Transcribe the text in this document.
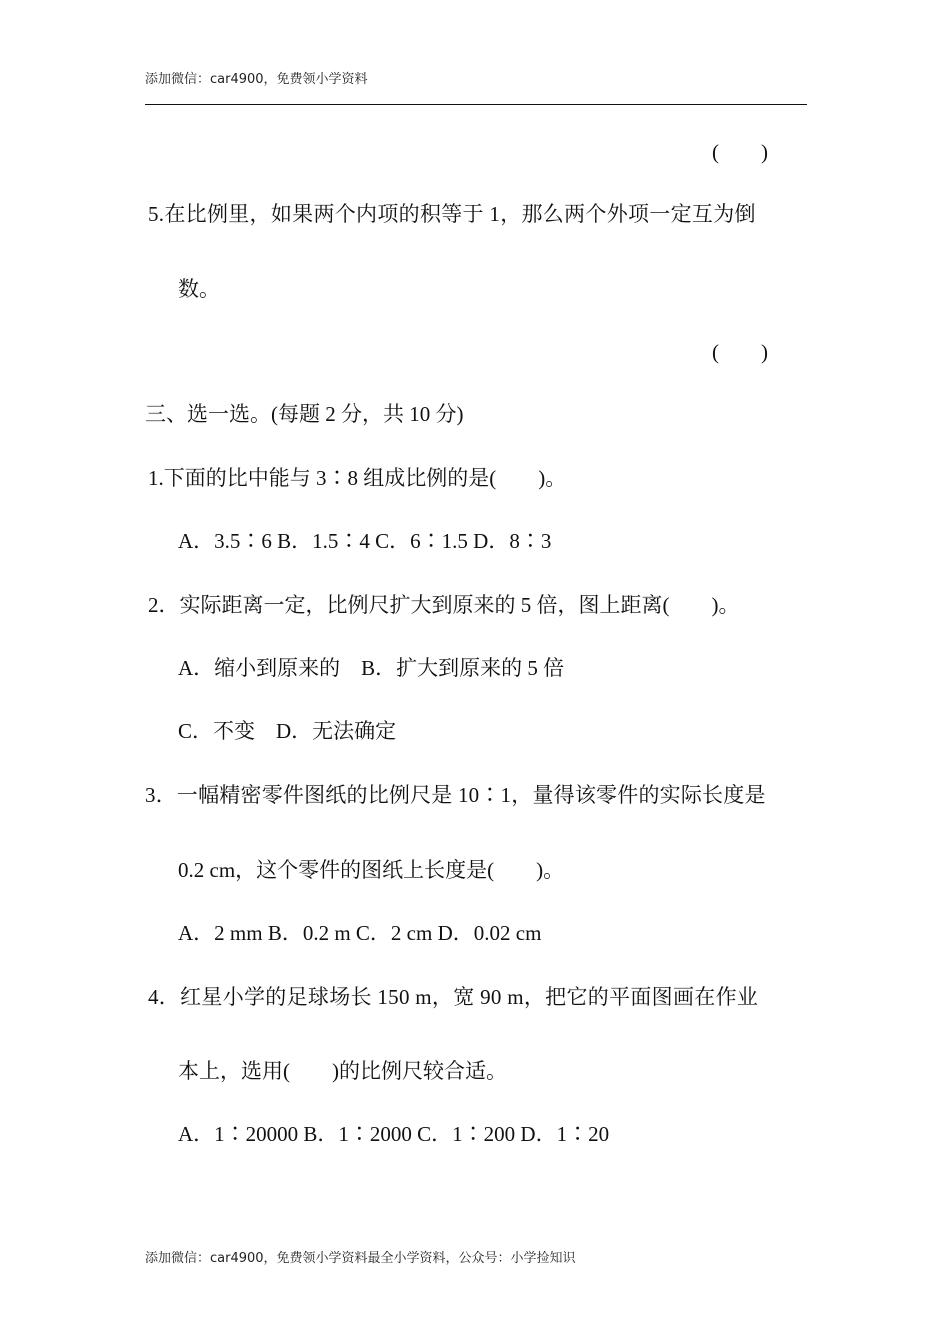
添加微信：car4900，免费领小学资料
(　　)
5.在比例里，如果两个内项的积等于 1，那么两个外项一定互为倒
数。
(　　)
三、选一选。(每题 2 分，共 10 分)
1.下面的比中能与 3∶8 组成比例的是(　　)。
A．3.5∶6 B．1.5∶4 C．6∶1.5 D．8∶3
2．实际距离一定，比例尺扩大到原来的 5 倍，图上距离(　　)。
A．缩小到原来的　B．扩大到原来的 5 倍
C．不变　D．无法确定
3．一幅精密零件图纸的比例尺是 10∶1，量得该零件的实际长度是
0.2 cm，这个零件的图纸上长度是(　　)。
A．2 mm B．0.2 m C．2 cm D．0.02 cm
4．红星小学的足球场长 150 m，宽 90 m，把它的平面图画在作业
本上，选用(　　)的比例尺较合适。
A．1∶20000 B．1∶2000 C．1∶200 D．1∶20
添加微信：car4900，免费领小学资料最全小学资料，公众号：小学捡知识
